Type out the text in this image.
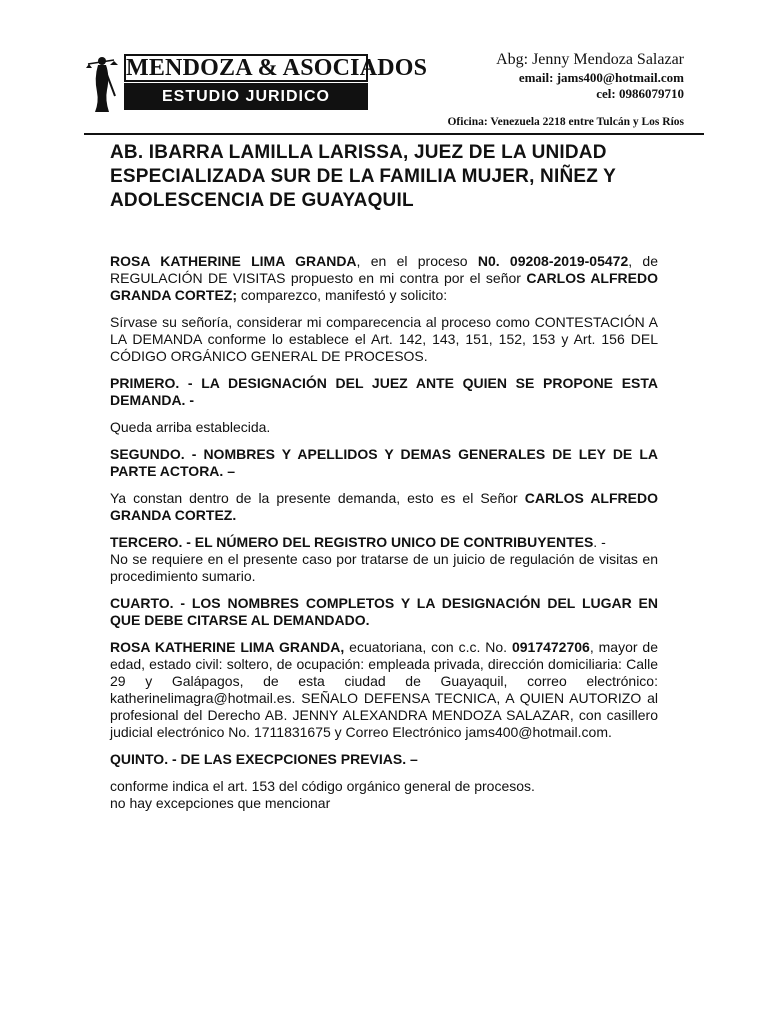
MENDOZA & ASOCIADOS
ESTUDIO JURIDICO
Abg: Jenny Mendoza Salazar
email: jams400@hotmail.com
cel: 0986079710
Oficina: Venezuela 2218 entre Tulcán y Los Ríos
AB. IBARRA LAMILLA LARISSA, JUEZ DE LA UNIDAD ESPECIALIZADA SUR DE LA FAMILIA MUJER, NIÑEZ Y ADOLESCENCIA DE GUAYAQUIL

ROSA KATHERINE LIMA GRANDA, en el proceso N0. 09208-2019-05472, de REGULACIÓN DE VISITAS propuesto en mi contra por el señor CARLOS ALFREDO GRANDA CORTEZ; comparezco, manifestó y solicito:

Sírvase su señoría, considerar mi comparecencia al proceso como CONTESTACIÓN A LA DEMANDA conforme lo establece el Art. 142, 143, 151, 152, 153 y Art. 156 DEL CÓDIGO ORGÁNICO GENERAL DE PROCESOS.

PRIMERO. - LA DESIGNACIÓN DEL JUEZ ANTE QUIEN SE PROPONE ESTA DEMANDA. -

Queda arriba establecida.

SEGUNDO. - NOMBRES Y APELLIDOS Y DEMAS GENERALES DE LEY DE LA PARTE ACTORA. –

Ya constan dentro de la presente demanda, esto es el Señor CARLOS ALFREDO GRANDA CORTEZ.

TERCERO. - EL NÚMERO DEL REGISTRO UNICO DE CONTRIBUYENTES. -

No se requiere en el presente caso por tratarse de un juicio de regulación de visitas en procedimiento sumario.

CUARTO. - LOS NOMBRES COMPLETOS Y LA DESIGNACIÓN DEL LUGAR EN QUE DEBE CITARSE AL DEMANDADO.

ROSA KATHERINE LIMA GRANDA, ecuatoriana, con c.c. No. 0917472706, mayor de edad, estado civil: soltero, de ocupación: empleada privada, dirección domiciliaria: Calle 29 y Galápagos, de esta ciudad de Guayaquil, correo electrónico: katherinelimagra@hotmail.es. SEÑALO DEFENSA TECNICA, A QUIEN AUTORIZO al profesional del Derecho AB. JENNY ALEXANDRA MENDOZA SALAZAR, con casillero judicial electrónico No. 1711831675 y Correo Electrónico jams400@hotmail.com.

QUINTO. - DE LAS EXECPCIONES PREVIAS. –

conforme indica el art. 153 del código orgánico general de procesos.

no hay excepciones que mencionar
